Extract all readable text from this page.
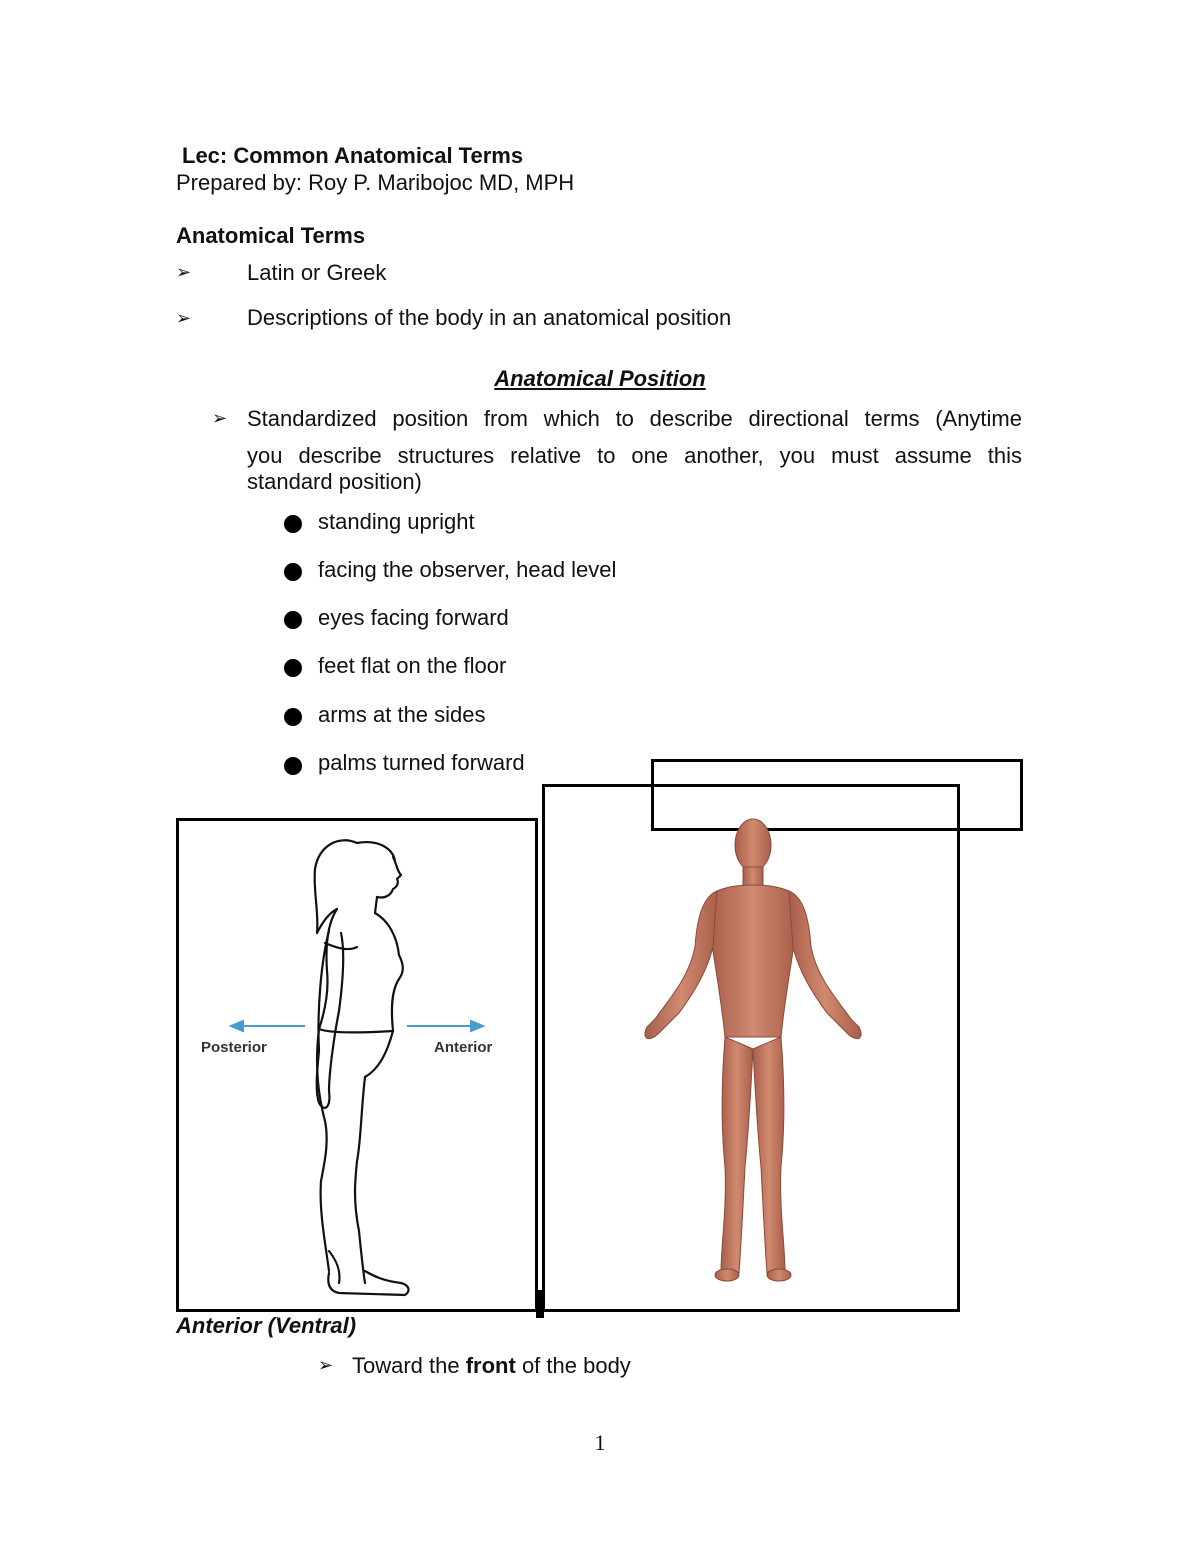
Lec: Common Anatomical Terms
Prepared by: Roy P. Maribojoc MD, MPH
Anatomical Terms
➢	Latin or Greek
➢	Descriptions of the body in an anatomical position
Anatomical Position
➢ Standardized position from which to describe directional terms (Anytime
you describe structures relative to one another, you must assume this
standard position)
standing upright
facing the observer, head level
eyes facing forward
feet flat on the floor
arms at the sides
palms turned forward
Posterior	Anterior
Anterior (Ventral)
➢ Toward the front of the body
1
